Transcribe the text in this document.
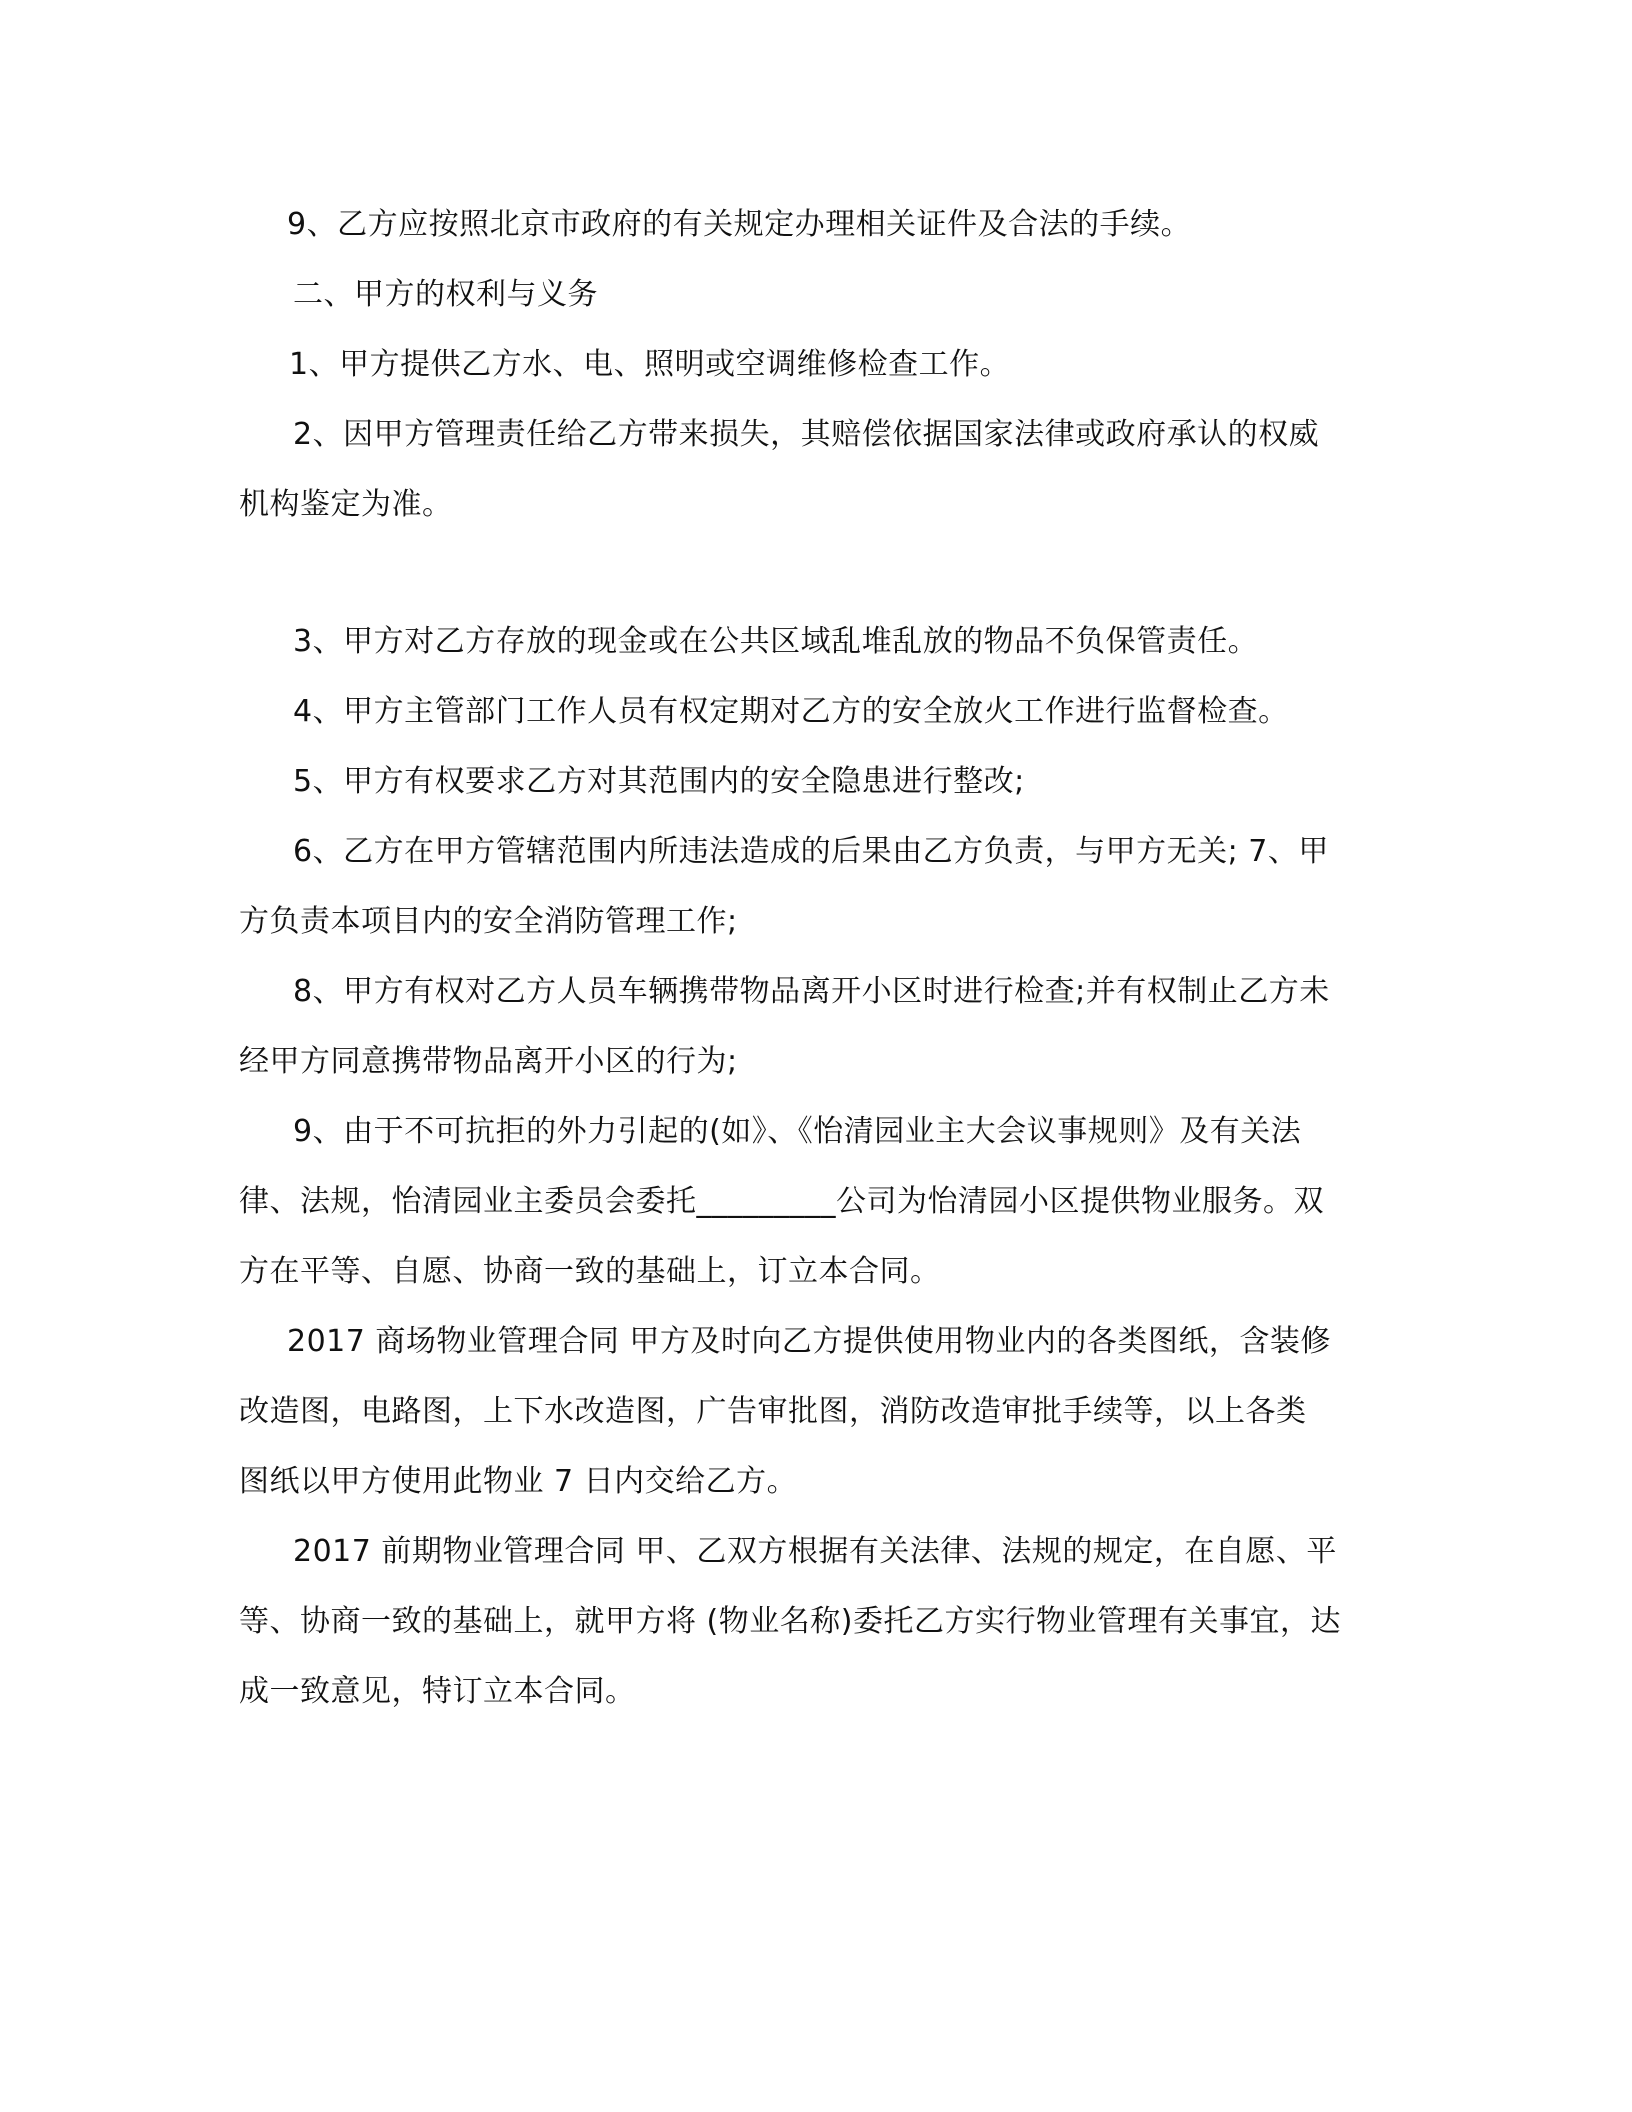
9、乙方应按照北京市政府的有关规定办理相关证件及合法的手续。
二、甲方的权利与义务
1、甲方提供乙方水、电、照明或空调维修检查工作。
2、因甲方管理责任给乙方带来损失，其赔偿依据国家法律或政府承认的权威
机构鉴定为准。
3、甲方对乙方存放的现金或在公共区域乱堆乱放的物品不负保管责任。
4、甲方主管部门工作人员有权定期对乙方的安全放火工作进行监督检查。
5、甲方有权要求乙方对其范围内的安全隐患进行整改;
6、乙方在甲方管辖范围内所违法造成的后果由乙方负责，与甲方无关; 7、甲
方负责本项目内的安全消防管理工作;
8、甲方有权对乙方人员车辆携带物品离开小区时进行检查;并有权制止乙方未
经甲方同意携带物品离开小区的行为;
9、由于不可抗拒的外力引起的(如》、《怡清园业主大会议事规则》及有关法
律、法规，怡清园业主委员会委托_________公司为怡清园小区提供物业服务。双
方在平等、自愿、协商一致的基础上，订立本合同。
2017 商场物业管理合同 甲方及时向乙方提供使用物业内的各类图纸，含装修
改造图，电路图，上下水改造图，广告审批图，消防改造审批手续等，以上各类
图纸以甲方使用此物业 7 日内交给乙方。
2017 前期物业管理合同 甲、乙双方根据有关法律、法规的规定，在自愿、平
等、协商一致的基础上，就甲方将 (物业名称)委托乙方实行物业管理有关事宜，达
成一致意见，特订立本合同。
